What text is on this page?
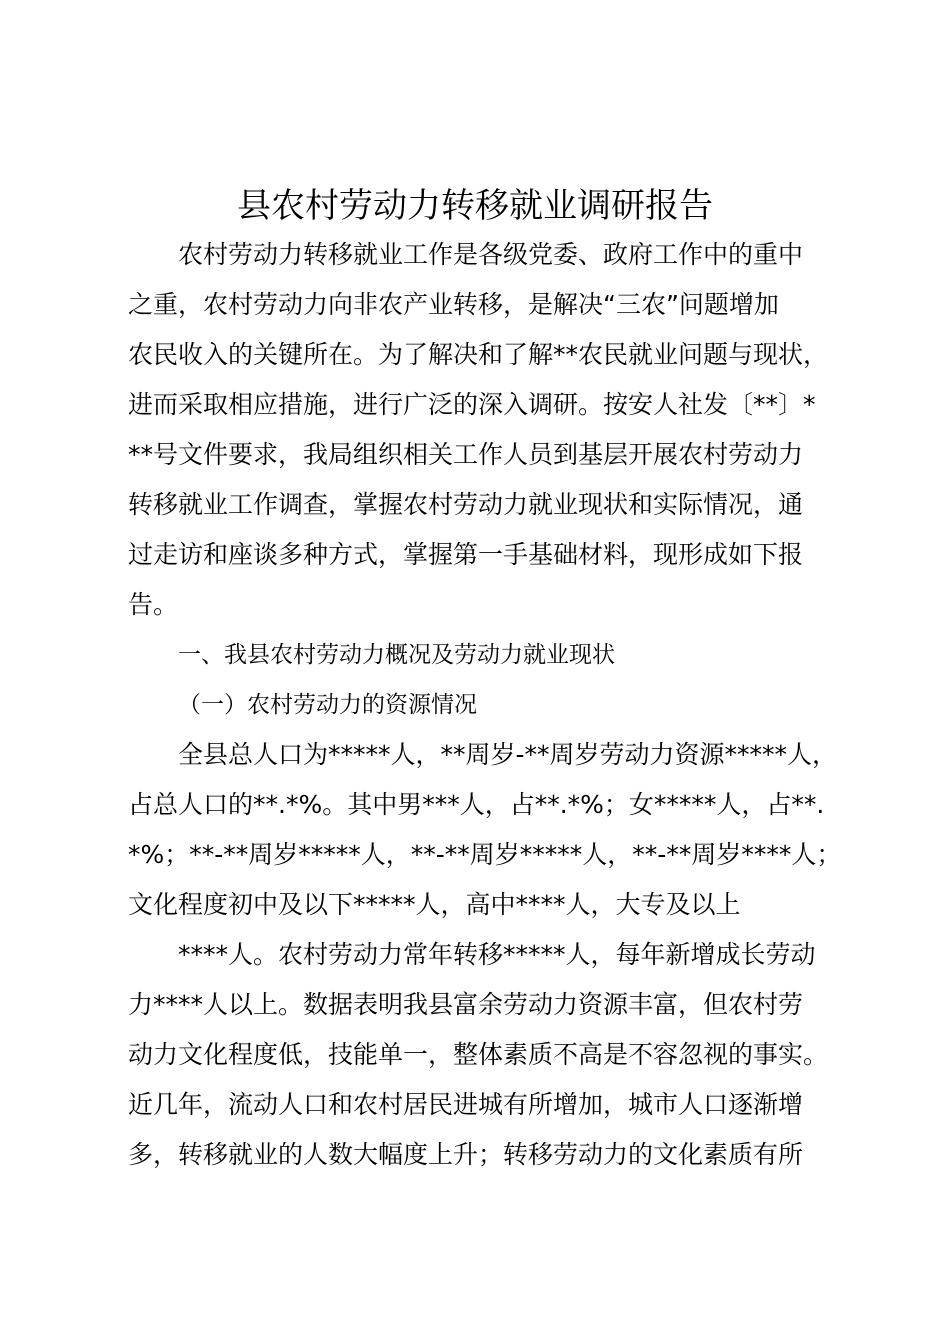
县农村劳动力转移就业调研报告
农村劳动力转移就业工作是各级党委、政府工作中的重中
之重，农村劳动力向非农产业转移，是解决“三农”问题增加
农民收入的关键所在。为了解决和了解**农民就业问题与现状，
进而采取相应措施，进行广泛的深入调研。按安人社发〔**〕*
**号文件要求，我局组织相关工作人员到基层开展农村劳动力
转移就业工作调查，掌握农村劳动力就业现状和实际情况，通
过走访和座谈多种方式，掌握第一手基础材料，现形成如下报
告。
一、我县农村劳动力概况及劳动力就业现状
（一）农村劳动力的资源情况
全县总人口为*****人，**周岁-**周岁劳动力资源*****人，
占总人口的**.*%。其中男***人，占**.*%；女*****人，占**.
*%；**-**周岁*****人，**-**周岁*****人，**-**周岁****人；
文化程度初中及以下*****人，高中****人，大专及以上
****人。农村劳动力常年转移*****人，每年新增成长劳动
力****人以上。数据表明我县富余劳动力资源丰富，但农村劳
动力文化程度低，技能单一，整体素质不高是不容忽视的事实。
近几年，流动人口和农村居民进城有所增加，城市人口逐渐增
多，转移就业的人数大幅度上升；转移劳动力的文化素质有所
